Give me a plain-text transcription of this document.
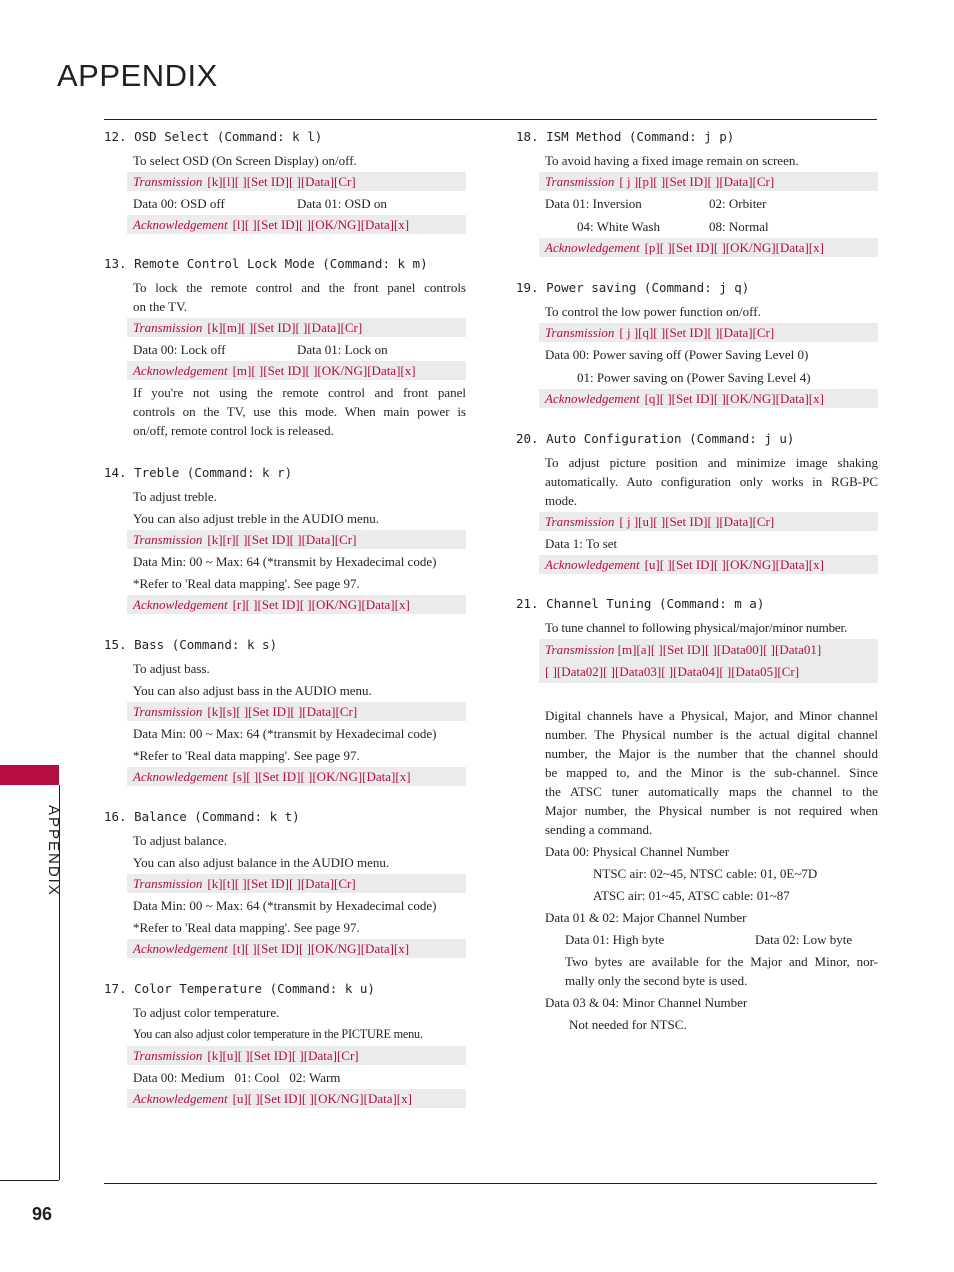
APPENDIX
APPENDIX
96
12. OSD Select (Command: k l)
To select OSD (On Screen Display) on/off.
Transmission [k][l][ ][Set ID][ ][Data][Cr]
Data 00: OSD off	Data 01: OSD on
Acknowledgement [l][ ][Set ID][ ][OK/NG][Data][x]
13. Remote Control Lock Mode (Command: k m)
To lock the remote control and the front panel controls
on the TV.
Transmission [k][m][ ][Set ID][ ][Data][Cr]
Data 00: Lock off	Data 01: Lock on
Acknowledgement [m][ ][Set ID][ ][OK/NG][Data][x]
If you're not using the remote control and front panel
controls on the TV, use this mode. When main power is
on/off, remote control lock is released.
14. Treble (Command: k r)
To adjust treble.
You can also adjust treble in the AUDIO menu.
Transmission [k][r][ ][Set ID][ ][Data][Cr]
Data Min: 00 ~ Max: 64 (*transmit by Hexadecimal code)
*Refer to 'Real data mapping'. See page 97.
Acknowledgement [r][ ][Set ID][ ][OK/NG][Data][x]
15. Bass (Command: k s)
To adjust bass.
You can also adjust bass in the AUDIO menu.
Transmission [k][s][ ][Set ID][ ][Data][Cr]
Data Min: 00 ~ Max: 64 (*transmit by Hexadecimal code)
*Refer to 'Real data mapping'. See page 97.
Acknowledgement [s][ ][Set ID][ ][OK/NG][Data][x]
16. Balance (Command: k t)
To adjust balance.
You can also adjust balance in the AUDIO menu.
Transmission [k][t][ ][Set ID][ ][Data][Cr]
Data Min: 00 ~ Max: 64 (*transmit by Hexadecimal code)
*Refer to 'Real data mapping'. See page 97.
Acknowledgement [t][ ][Set ID][ ][OK/NG][Data][x]
17. Color Temperature (Command: k u)
To adjust color temperature.
You can also adjust color temperature in the PICTURE menu.
Transmission [k][u][ ][Set ID][ ][Data][Cr]
Data 00: Medium   01: Cool   02: Warm
Acknowledgement [u][ ][Set ID][ ][OK/NG][Data][x]
18. ISM Method (Command: j p)
To avoid having a fixed image remain on screen.
Transmission [ j ][p][ ][Set ID][ ][Data][Cr]
Data 01: Inversion	02: Orbiter
04: White Wash	08: Normal
Acknowledgement [p][ ][Set ID][ ][OK/NG][Data][x]
19. Power saving (Command: j q)
To control the low power function on/off.
Transmission [ j ][q][ ][Set ID][ ][Data][Cr]
Data 00: Power saving off (Power Saving Level 0)
01: Power saving on (Power Saving Level 4)
Acknowledgement [q][ ][Set ID][ ][OK/NG][Data][x]
20. Auto Configuration (Command: j u)
To adjust picture position and minimize image shaking
automatically. Auto configuration only works in RGB-PC
mode.
Transmission [ j ][u][ ][Set ID][ ][Data][Cr]
Data 1: To set
Acknowledgement [u][ ][Set ID][ ][OK/NG][Data][x]
21. Channel Tuning (Command: m a)
To tune channel to following physical/major/minor number.
Transmission [m][a][ ][Set ID][ ][Data00][ ][Data01]
[ ][Data02][ ][Data03][ ][Data04][ ][Data05][Cr]
Digital channels have a Physical, Major, and Minor channel
number. The Physical number is the actual digital channel
number, the Major is the number that the channel should
be mapped to, and the Minor is the sub-channel. Since
the ATSC tuner automatically maps the channel to the
Major number, the Physical number is not required when
sending a command.
Data 00: Physical Channel Number
NTSC air: 02~45, NTSC cable: 01, 0E~7D
ATSC air: 01~45, ATSC cable: 01~87
Data 01 & 02: Major Channel Number
Data 01: High byte	Data 02: Low byte
Two bytes are available for the Major and Minor, nor-
mally only the second byte is used.
Data 03 & 04: Minor Channel Number
Not needed for NTSC.
